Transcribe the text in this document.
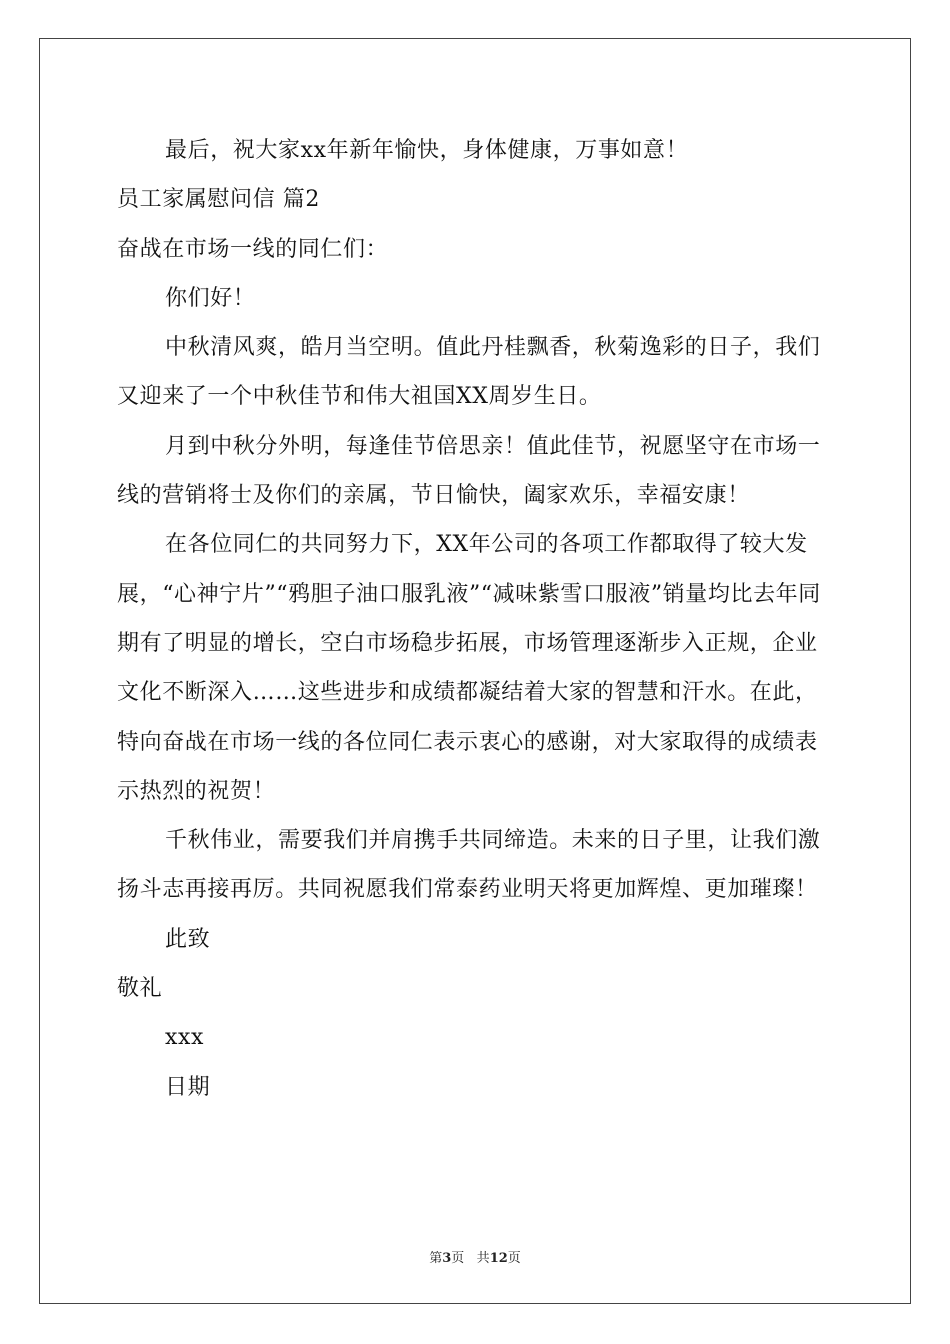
最后，祝大家xx年新年愉快，身体健康，万事如意！

员工家属慰问信 篇2

奋战在市场一线的同仁们：

你们好！

中秋清风爽，皓月当空明。值此丹桂飘香，秋菊逸彩的日子，我们又迎来了一个中秋佳节和伟大祖国XX周岁生日。

月到中秋分外明，每逢佳节倍思亲！值此佳节，祝愿坚守在市场一线的营销将士及你们的亲属，节日愉快，阖家欢乐，幸福安康！

在各位同仁的共同努力下，XX年公司的各项工作都取得了较大发展，“心神宁片”“鸦胆子油口服乳液”“减味紫雪口服液”销量均比去年同期有了明显的增长，空白市场稳步拓展，市场管理逐渐步入正规，企业文化不断深入……这些进步和成绩都凝结着大家的智慧和汗水。在此，特向奋战在市场一线的各位同仁表示衷心的感谢，对大家取得的成绩表示热烈的祝贺！

千秋伟业，需要我们并肩携手共同缔造。未来的日子里，让我们激扬斗志再接再厉。共同祝愿我们常泰药业明天将更加辉煌、更加璀璨！

此致

敬礼

xxx

日期

第3页 共12页
